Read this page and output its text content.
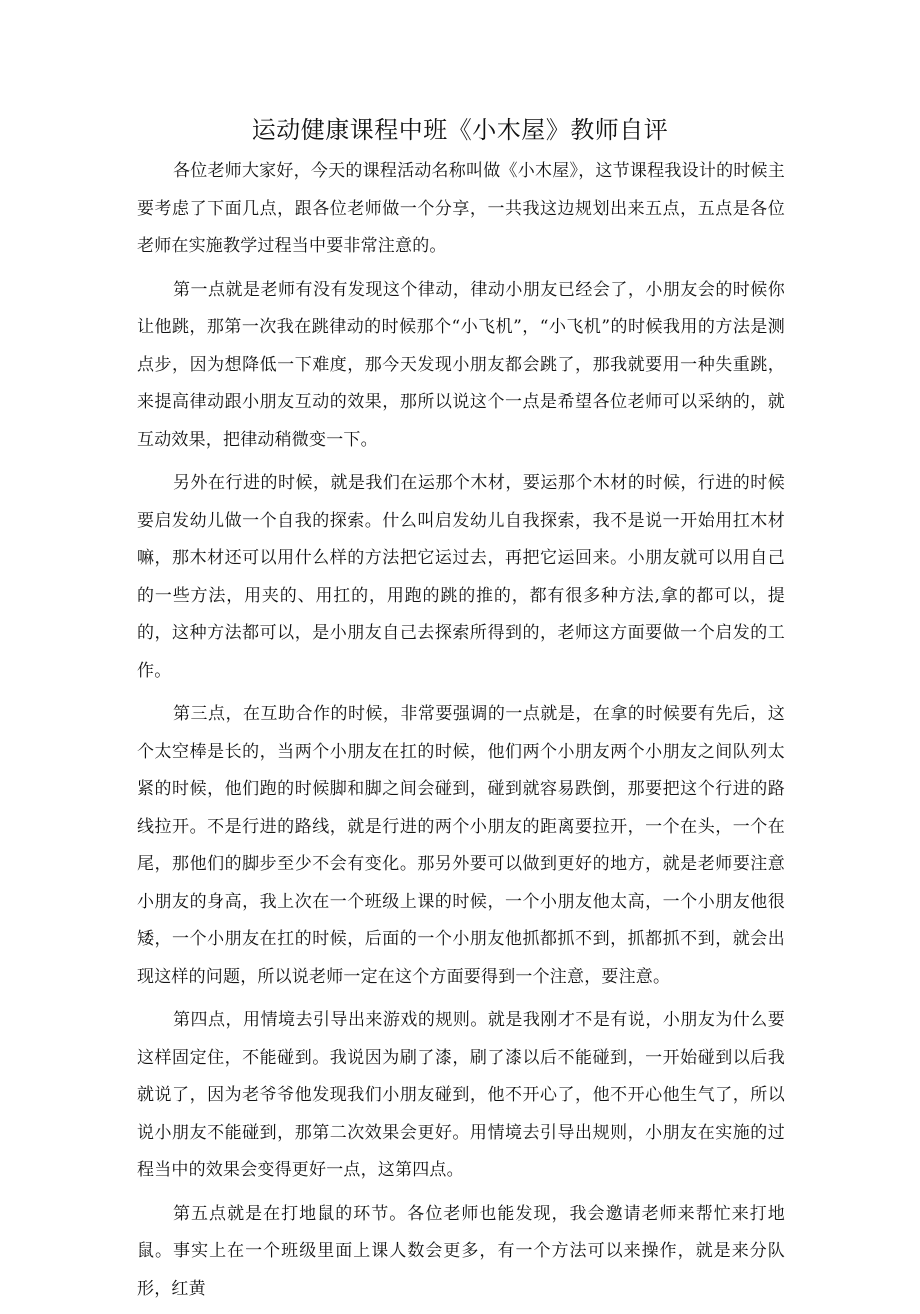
运动健康课程中班《小木屋》教师自评

各位老师大家好，今天的课程活动名称叫做《小木屋》，这节课程我设计的时候主要考虑了下面几点，跟各位老师做一个分享，一共我这边规划出来五点，五点是各位老师在实施教学过程当中要非常注意的。

第一点就是老师有没有发现这个律动，律动小朋友已经会了，小朋友会的时候你让他跳，那第一次我在跳律动的时候那个“小飞机”，“小飞机”的时候我用的方法是测点步，因为想降低一下难度，那今天发现小朋友都会跳了，那我就要用一种失重跳，来提高律动跟小朋友互动的效果，那所以说这个一点是希望各位老师可以采纳的，就互动效果，把律动稍微变一下。

另外在行进的时候，就是我们在运那个木材，要运那个木材的时候，行进的时候要启发幼儿做一个自我的探索。什么叫启发幼儿自我探索，我不是说一开始用扛木材嘛，那木材还可以用什么样的方法把它运过去，再把它运回来。小朋友就可以用自己的一些方法，用夹的、用扛的，用跑的跳的推的，都有很多种方法,拿的都可以，提的，这种方法都可以，是小朋友自己去探索所得到的，老师这方面要做一个启发的工作。

第三点，在互助合作的时候，非常要强调的一点就是，在拿的时候要有先后，这个太空棒是长的，当两个小朋友在扛的时候，他们两个小朋友两个小朋友之间队列太紧的时候，他们跑的时候脚和脚之间会碰到，碰到就容易跌倒，那要把这个行进的路线拉开。不是行进的路线，就是行进的两个小朋友的距离要拉开，一个在头，一个在尾，那他们的脚步至少不会有变化。那另外要可以做到更好的地方，就是老师要注意小朋友的身高，我上次在一个班级上课的时候，一个小朋友他太高，一个小朋友他很矮，一个小朋友在扛的时候，后面的一个小朋友他抓都抓不到，抓都抓不到，就会出现这样的问题，所以说老师一定在这个方面要得到一个注意，要注意。

第四点，用情境去引导出来游戏的规则。就是我刚才不是有说，小朋友为什么要这样固定住，不能碰到。我说因为刷了漆，刷了漆以后不能碰到，一开始碰到以后我就说了，因为老爷爷他发现我们小朋友碰到，他不开心了，他不开心他生气了，所以说小朋友不能碰到，那第二次效果会更好。用情境去引导出规则，小朋友在实施的过程当中的效果会变得更好一点，这第四点。

第五点就是在打地鼠的环节。各位老师也能发现，我会邀请老师来帮忙来打地鼠。事实上在一个班级里面上课人数会更多，有一个方法可以来操作，就是来分队形，红黄
